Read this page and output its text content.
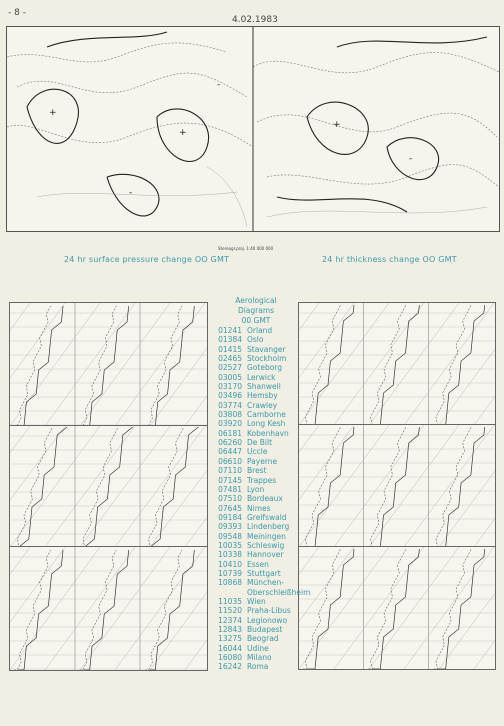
- 8 -
4.02.1983
+
+
-
+
-
-
Stereogr.proj. 1:40 000 000
24 hr surface pressure change OO GMT	24 hr thickness change OO GMT
Aerological
Diagrams
00 GMT
01241 Orland
01384 Oslo
01415 Stavanger
02465 Stockholm
02527 Goteborg
03005 Lerwick
03170 Shanwell
03496 Hemsby
03774 Crawley
03808 Camborne
03920 Long Kesh
06181 Kobenhavn
06260 De Bilt
06447 Uccle
06610 Payerne
07110 Brest
07145 Trappes
07481 Lyon
07510 Bordeaux
07645 Nimes
09184 Greifswald
09393 Lindenberg
09548 Meiningen
10035 Schleswig
10338 Hannover
10410 Essen
10739 Stuttgart
10868 München-
Oberschleißheim
11035 Wien
11520 Praha-Libus
12374 Legionowo
12843 Budapest
13275 Beograd
16044 Udine
16080 Milano
16242 Roma
